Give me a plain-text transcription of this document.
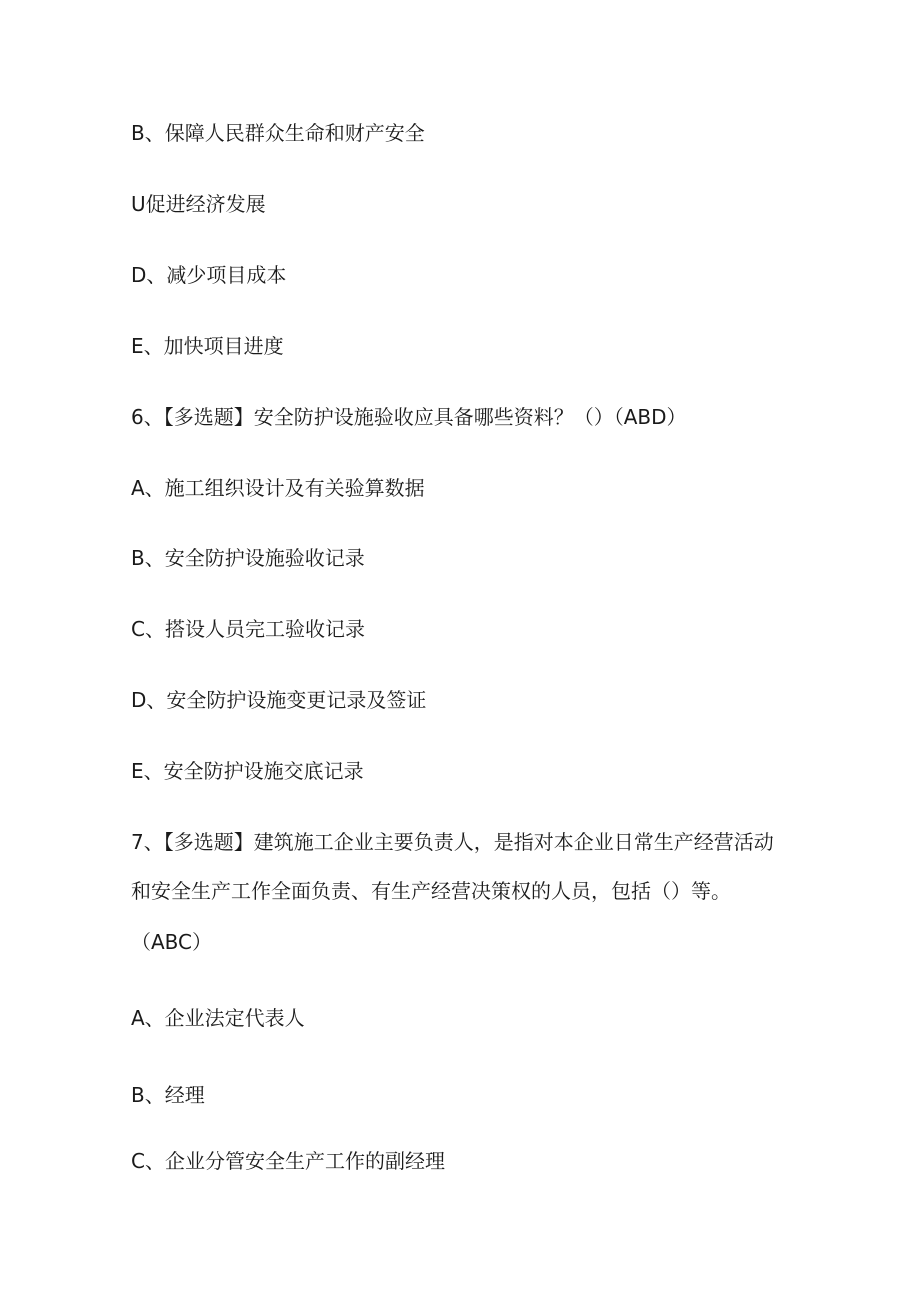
B、保障人民群众生命和财产安全

U促进经济发展

D、减少项目成本

E、加快项目进度

6、【多选题】安全防护设施验收应具备哪些资料？（）（ABD）

A、施工组织设计及有关验算数据

B、安全防护设施验收记录

C、搭设人员完工验收记录

D、安全防护设施变更记录及签证

E、安全防护设施交底记录

7、【多选题】建筑施工企业主要负责人，是指对本企业日常生产经营活动

和安全生产工作全面负责、有生产经营决策权的人员，包括（）等。

（ABC）

A、企业法定代表人

B、经理

C、企业分管安全生产工作的副经理
